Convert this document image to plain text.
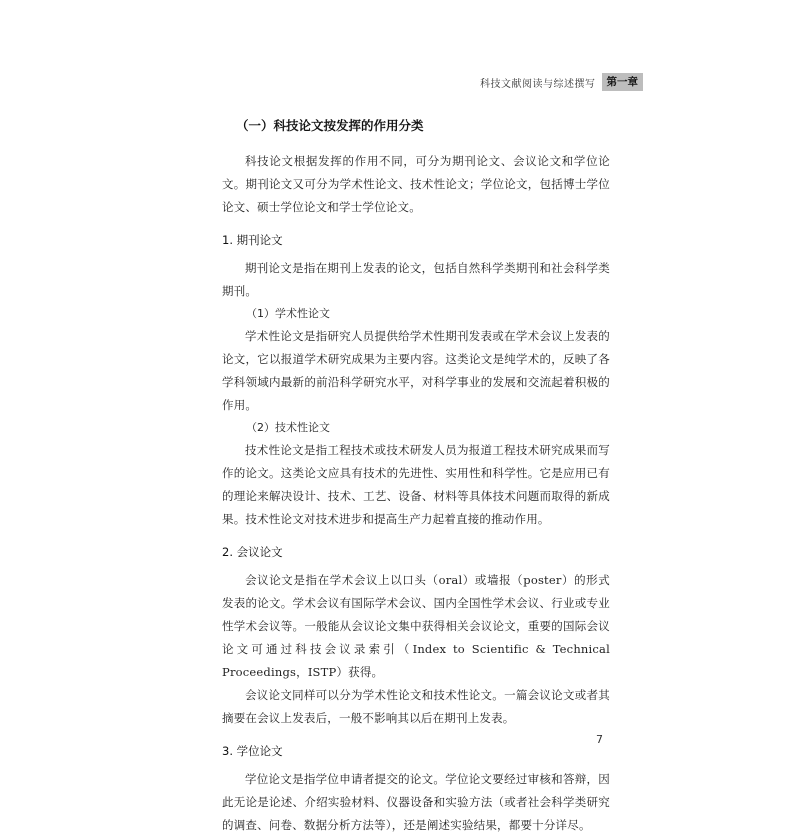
科技文献阅读与综述撰写	第一章
（一）科技论文按发挥的作用分类

科技论文根据发挥的作用不同，可分为期刊论文、会议论文和学位论文。期刊论文又可分为学术性论文、技术性论文；学位论文，包括博士学位论文、硕士学位论文和学士学位论文。

1. 期刊论文

期刊论文是指在期刊上发表的论文，包括自然科学类期刊和社会科学类期刊。

（1）学术性论文

学术性论文是指研究人员提供给学术性期刊发表或在学术会议上发表的论文，它以报道学术研究成果为主要内容。这类论文是纯学术的，反映了各学科领域内最新的前沿科学研究水平，对科学事业的发展和交流起着积极的作用。

（2）技术性论文

技术性论文是指工程技术或技术研发人员为报道工程技术研究成果而写作的论文。这类论文应具有技术的先进性、实用性和科学性。它是应用已有的理论来解决设计、技术、工艺、设备、材料等具体技术问题而取得的新成果。技术性论文对技术进步和提高生产力起着直接的推动作用。

2. 会议论文

会议论文是指在学术会议上以口头（oral）或墙报（poster）的形式发表的论文。学术会议有国际学术会议、国内全国性学术会议、行业或专业性学术会议等。一般能从会议论文集中获得相关会议论文，重要的国际会议论文可通过科技会议录索引（Index to Scientific & Technical Proceedings，ISTP）获得。

会议论文同样可以分为学术性论文和技术性论文。一篇会议论文或者其摘要在会议上发表后，一般不影响其以后在期刊上发表。

3. 学位论文

学位论文是指学位申请者提交的论文。学位论文要经过审核和答辩，因此无论是论述、介绍实验材料、仪器设备和实验方法（或者社会科学类研究的调查、问卷、数据分析方法等），还是阐述实验结果，都要十分详尽。

7
